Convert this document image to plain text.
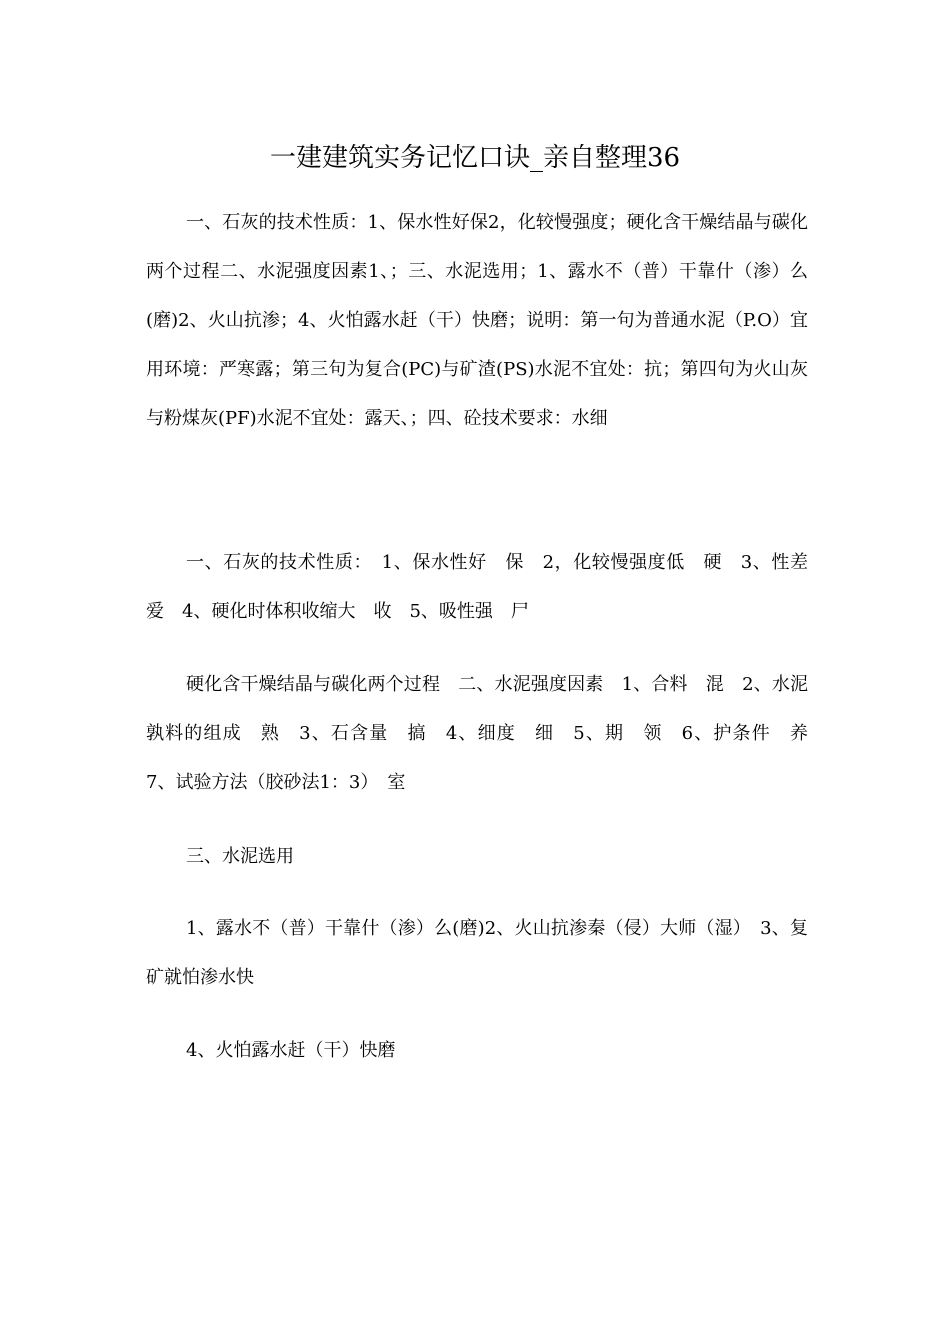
一建建筑实务记忆口诀_亲自整理36

一、石灰的技术性质：1、保水性好保2，化较慢强度；硬化含干燥结晶与碳化两个过程二、水泥强度因素1、；三、水泥选用；1、露水不（普）干靠什（渗）么(磨)2、火山抗渗；4、火怕露水赶（干）快磨；说明：第一句为普通水泥（P.O）宜用环境：严寒露；第三句为复合(PC)与矿渣(PS)水泥不宜处：抗；第四句为火山灰与粉煤灰(PF)水泥不宜处：露天、；四、砼技术要求：水细

一、石灰的技术性质：　1、保水性好　保　2，化较慢强度低　硬　3、性差　爱　4、硬化时体积收缩大　收　5、吸性强　尸

硬化含干燥结晶与碳化两个过程　二、水泥强度因素　1、合料　混　2、水泥孰料的组成　熟　3、石含量　搞　4、细度　细　5、期　领　6、护条件　养　7、试验方法（胶砂法1：3）　室

三、水泥选用

1、露水不（普）干靠什（渗）么(磨)2、火山抗渗秦（侵）大师（湿）　3、复矿就怕渗水快

4、火怕露水赶（干）快磨
